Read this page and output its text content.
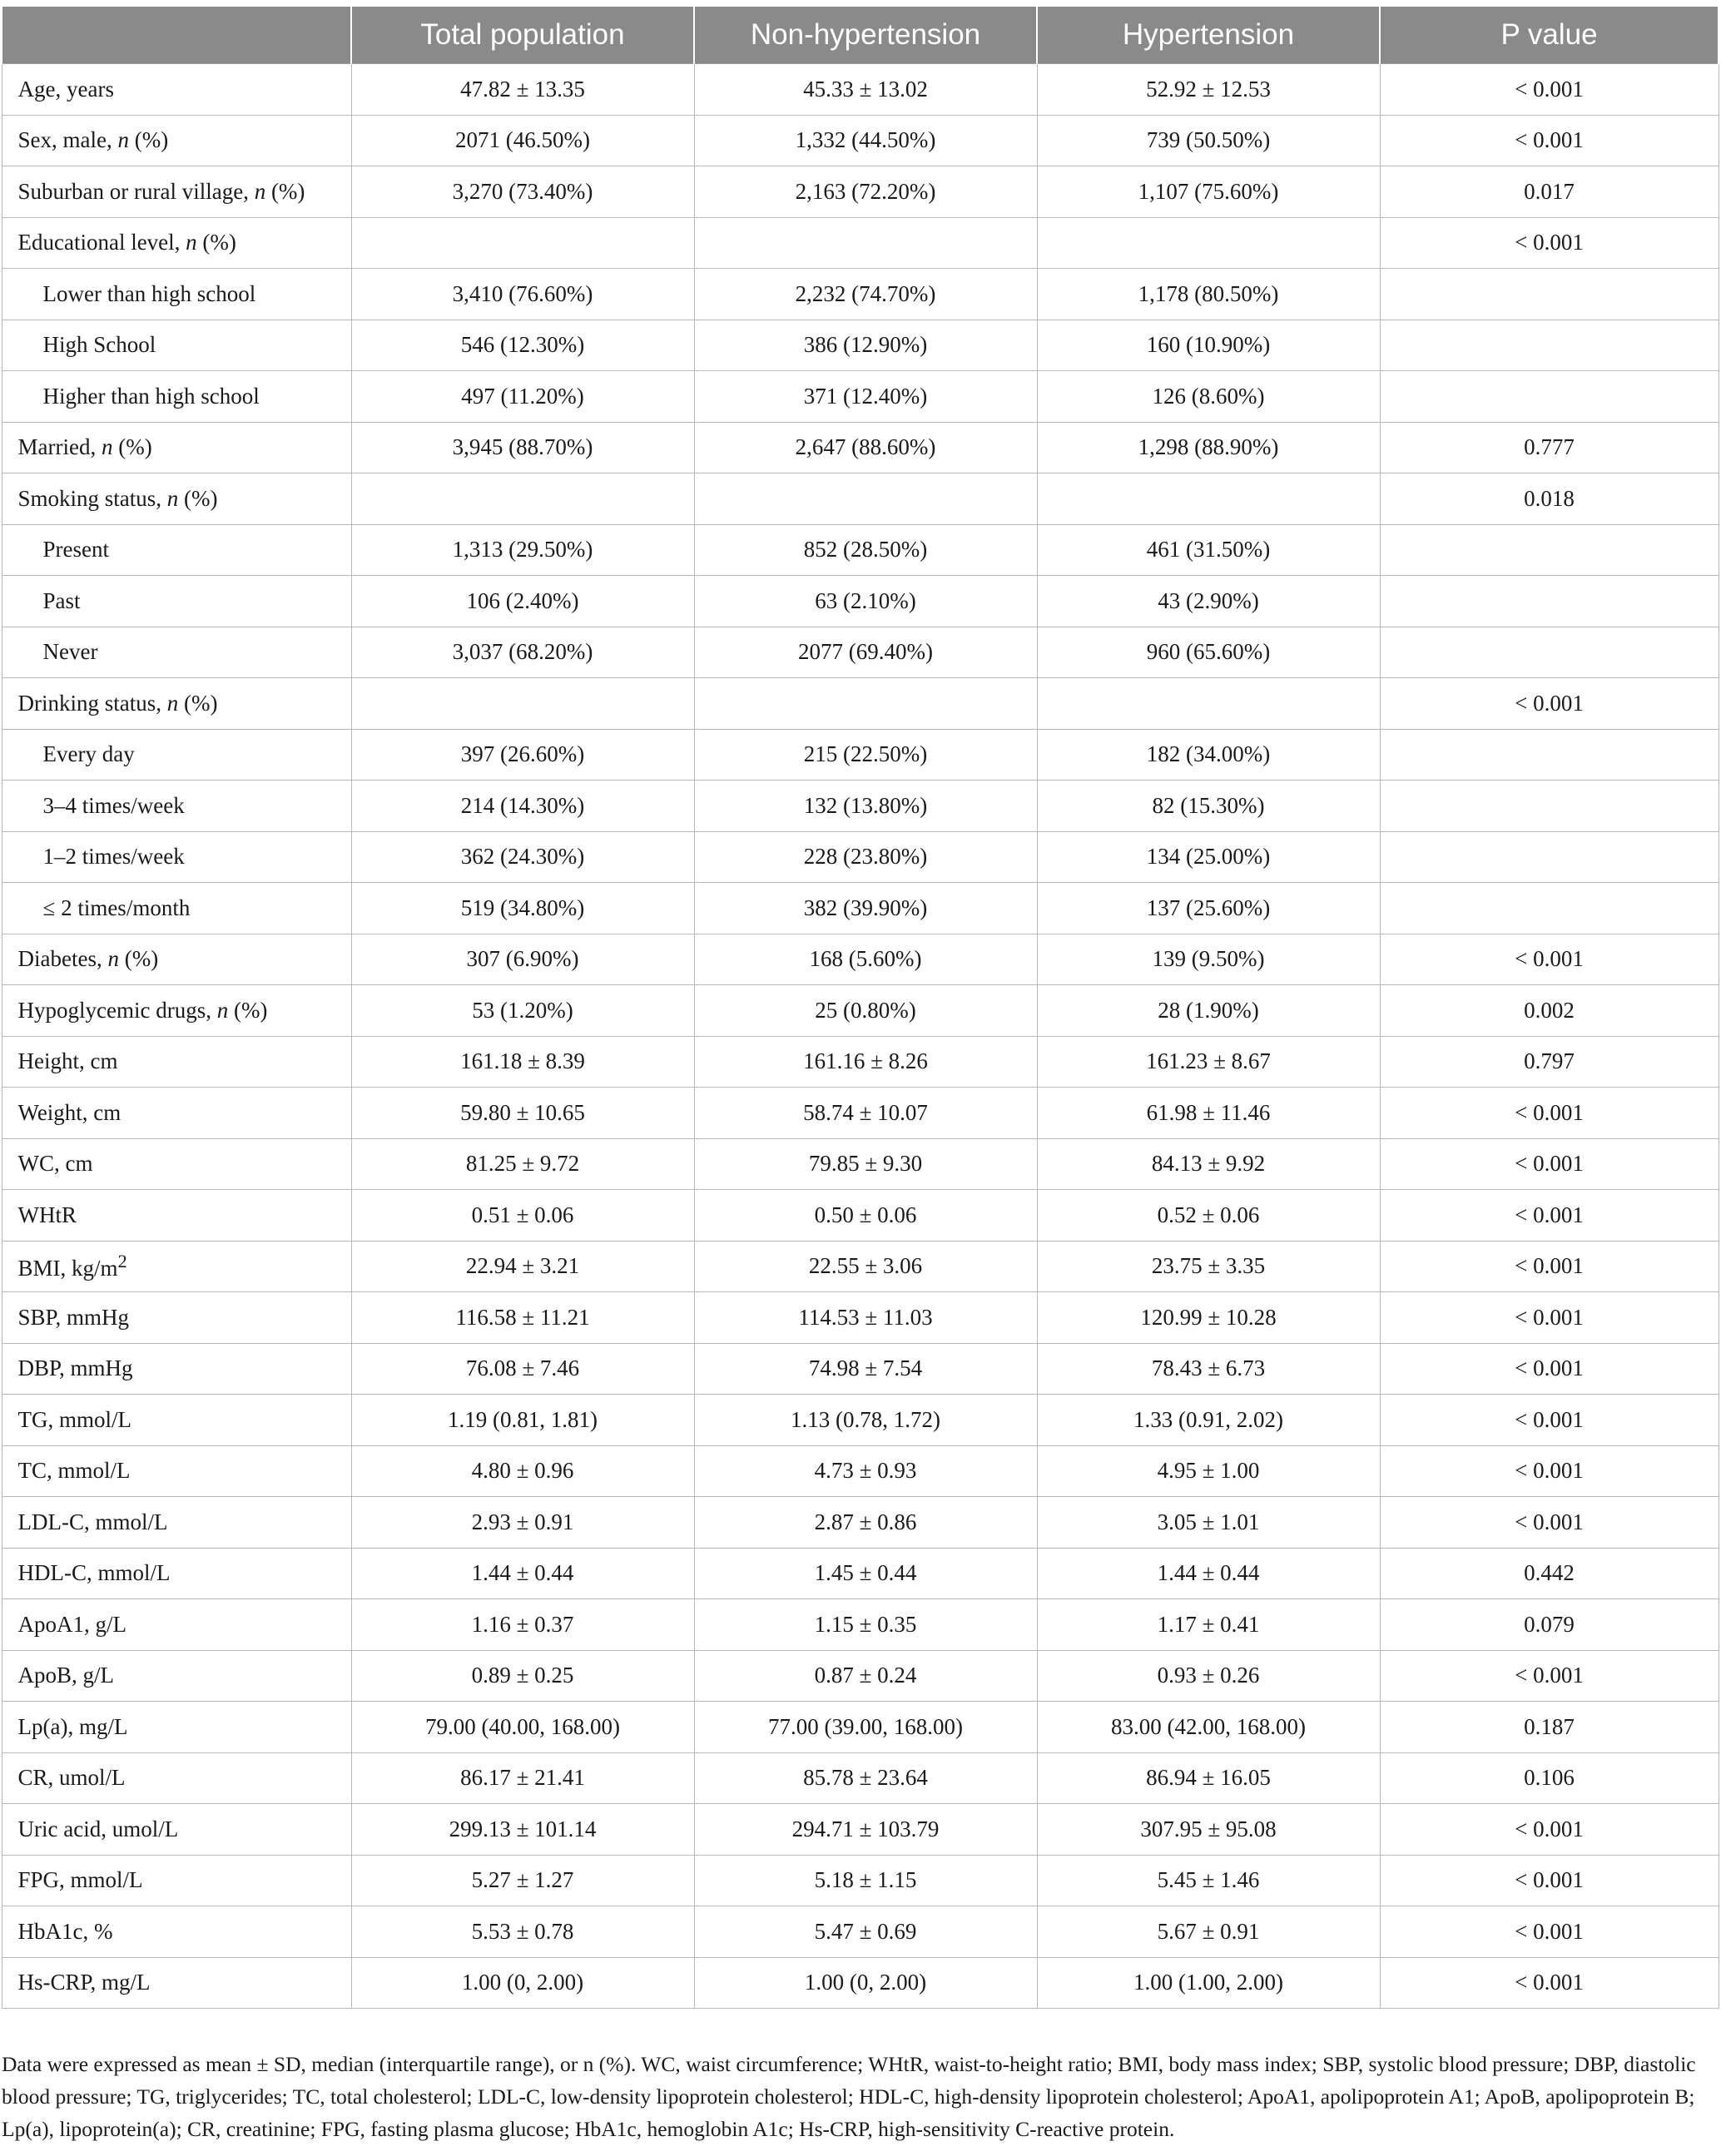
	Total population	Non-hypertension	Hypertension	P value
Age, years	47.82 ± 13.35	45.33 ± 13.02	52.92 ± 12.53	< 0.001
Sex, male, n (%)	2071 (46.50%)	1,332 (44.50%)	739 (50.50%)	< 0.001
Suburban or rural village, n (%)	3,270 (73.40%)	2,163 (72.20%)	1,107 (75.60%)	0.017
Educational level, n (%)				< 0.001
Lower than high school	3,410 (76.60%)	2,232 (74.70%)	1,178 (80.50%)	
High School	546 (12.30%)	386 (12.90%)	160 (10.90%)	
Higher than high school	497 (11.20%)	371 (12.40%)	126 (8.60%)	
Married, n (%)	3,945 (88.70%)	2,647 (88.60%)	1,298 (88.90%)	0.777
Smoking status, n (%)				0.018
Present	1,313 (29.50%)	852 (28.50%)	461 (31.50%)	
Past	106 (2.40%)	63 (2.10%)	43 (2.90%)	
Never	3,037 (68.20%)	2077 (69.40%)	960 (65.60%)	
Drinking status, n (%)				< 0.001
Every day	397 (26.60%)	215 (22.50%)	182 (34.00%)	
3–4 times/week	214 (14.30%)	132 (13.80%)	82 (15.30%)	
1–2 times/week	362 (24.30%)	228 (23.80%)	134 (25.00%)	
≤ 2 times/month	519 (34.80%)	382 (39.90%)	137 (25.60%)	
Diabetes, n (%)	307 (6.90%)	168 (5.60%)	139 (9.50%)	< 0.001
Hypoglycemic drugs, n (%)	53 (1.20%)	25 (0.80%)	28 (1.90%)	0.002
Height, cm	161.18 ± 8.39	161.16 ± 8.26	161.23 ± 8.67	0.797
Weight, cm	59.80 ± 10.65	58.74 ± 10.07	61.98 ± 11.46	< 0.001
WC, cm	81.25 ± 9.72	79.85 ± 9.30	84.13 ± 9.92	< 0.001
WHtR	0.51 ± 0.06	0.50 ± 0.06	0.52 ± 0.06	< 0.001
BMI, $kg/m^2$	22.94 ± 3.21	22.55 ± 3.06	23.75 ± 3.35	< 0.001
SBP, mmHg	116.58 ± 11.21	114.53 ± 11.03	120.99 ± 10.28	< 0.001
DBP, mmHg	76.08 ± 7.46	74.98 ± 7.54	78.43 ± 6.73	< 0.001
TG, mmol/L	1.19 (0.81, 1.81)	1.13 (0.78, 1.72)	1.33 (0.91, 2.02)	< 0.001
TC, mmol/L	4.80 ± 0.96	4.73 ± 0.93	4.95 ± 1.00	< 0.001
LDL-C, mmol/L	2.93 ± 0.91	2.87 ± 0.86	3.05 ± 1.01	< 0.001
HDL-C, mmol/L	1.44 ± 0.44	1.45 ± 0.44	1.44 ± 0.44	0.442
ApoA1, g/L	1.16 ± 0.37	1.15 ± 0.35	1.17 ± 0.41	0.079
ApoB, g/L	0.89 ± 0.25	0.87 ± 0.24	0.93 ± 0.26	< 0.001
Lp(a), mg/L	79.00 (40.00, 168.00)	77.00 (39.00, 168.00)	83.00 (42.00, 168.00)	0.187
CR, umol/L	86.17 ± 21.41	85.78 ± 23.64	86.94 ± 16.05	0.106
Uric acid, umol/L	299.13 ± 101.14	294.71 ± 103.79	307.95 ± 95.08	< 0.001
FPG, mmol/L	5.27 ± 1.27	5.18 ± 1.15	5.45 ± 1.46	< 0.001
HbA1c, %	5.53 ± 0.78	5.47 ± 0.69	5.67 ± 0.91	< 0.001
Hs-CRP, mg/L	1.00 (0, 2.00)	1.00 (0, 2.00)	1.00 (1.00, 2.00)	< 0.001

Data were expressed as mean ± SD, median (interquartile range), or n (%). WC, waist circumference; WHtR, waist-to-height ratio; BMI, body mass index; SBP, systolic blood pressure; DBP, diastolic blood pressure; TG, triglycerides; TC, total cholesterol; LDL-C, low-density lipoprotein cholesterol; HDL-C, high-density lipoprotein cholesterol; ApoA1, apolipoprotein A1; ApoB, apolipoprotein B; Lp(a), lipoprotein(a); CR, creatinine; FPG, fasting plasma glucose; HbA1c, hemoglobin A1c; Hs-CRP, high-sensitivity C-reactive protein.
